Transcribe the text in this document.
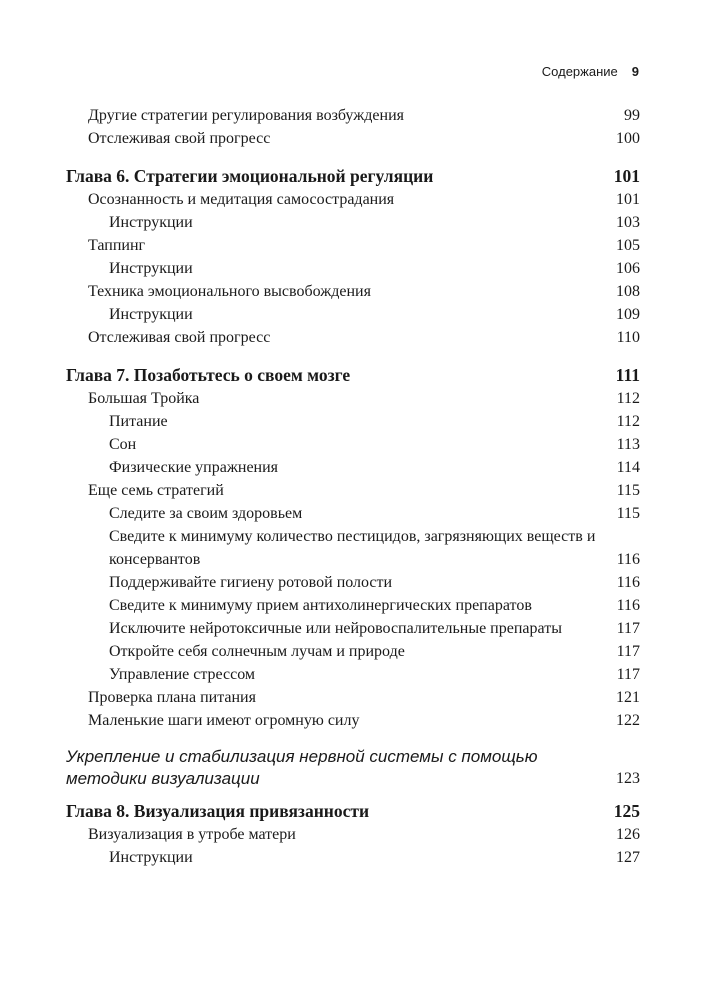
Содержание 9
Другие стратегии регулирования возбуждения	99
Отслеживая свой прогресс	100
Глава 6. Стратегии эмоциональной регуляции	101
Осознанность и медитация самосострадания	101
Инструкции	103
Таппинг	105
Инструкции	106
Техника эмоционального высвобождения	108
Инструкции	109
Отслеживая свой прогресс	110
Глава 7. Позаботьтесь о своем мозге	111
Большая Тройка	112
Питание	112
Сон	113
Физические упражнения	114
Еще семь стратегий	115
Следите за своим здоровьем	115
Сведите к минимуму количество пестицидов, загрязняющих веществ и консервантов	116
Поддерживайте гигиену ротовой полости	116
Сведите к минимуму прием антихолинергических препаратов	116
Исключите нейротоксичные или нейровоспалительные препараты	117
Откройте себя солнечным лучам и природе	117
Управление стрессом	117
Проверка плана питания	121
Маленькие шаги имеют огромную силу	122
Укрепление и стабилизация нервной системы с помощью методики визуализации	123
Глава 8. Визуализация привязанности	125
Визуализация в утробе матери	126
Инструкции	127
